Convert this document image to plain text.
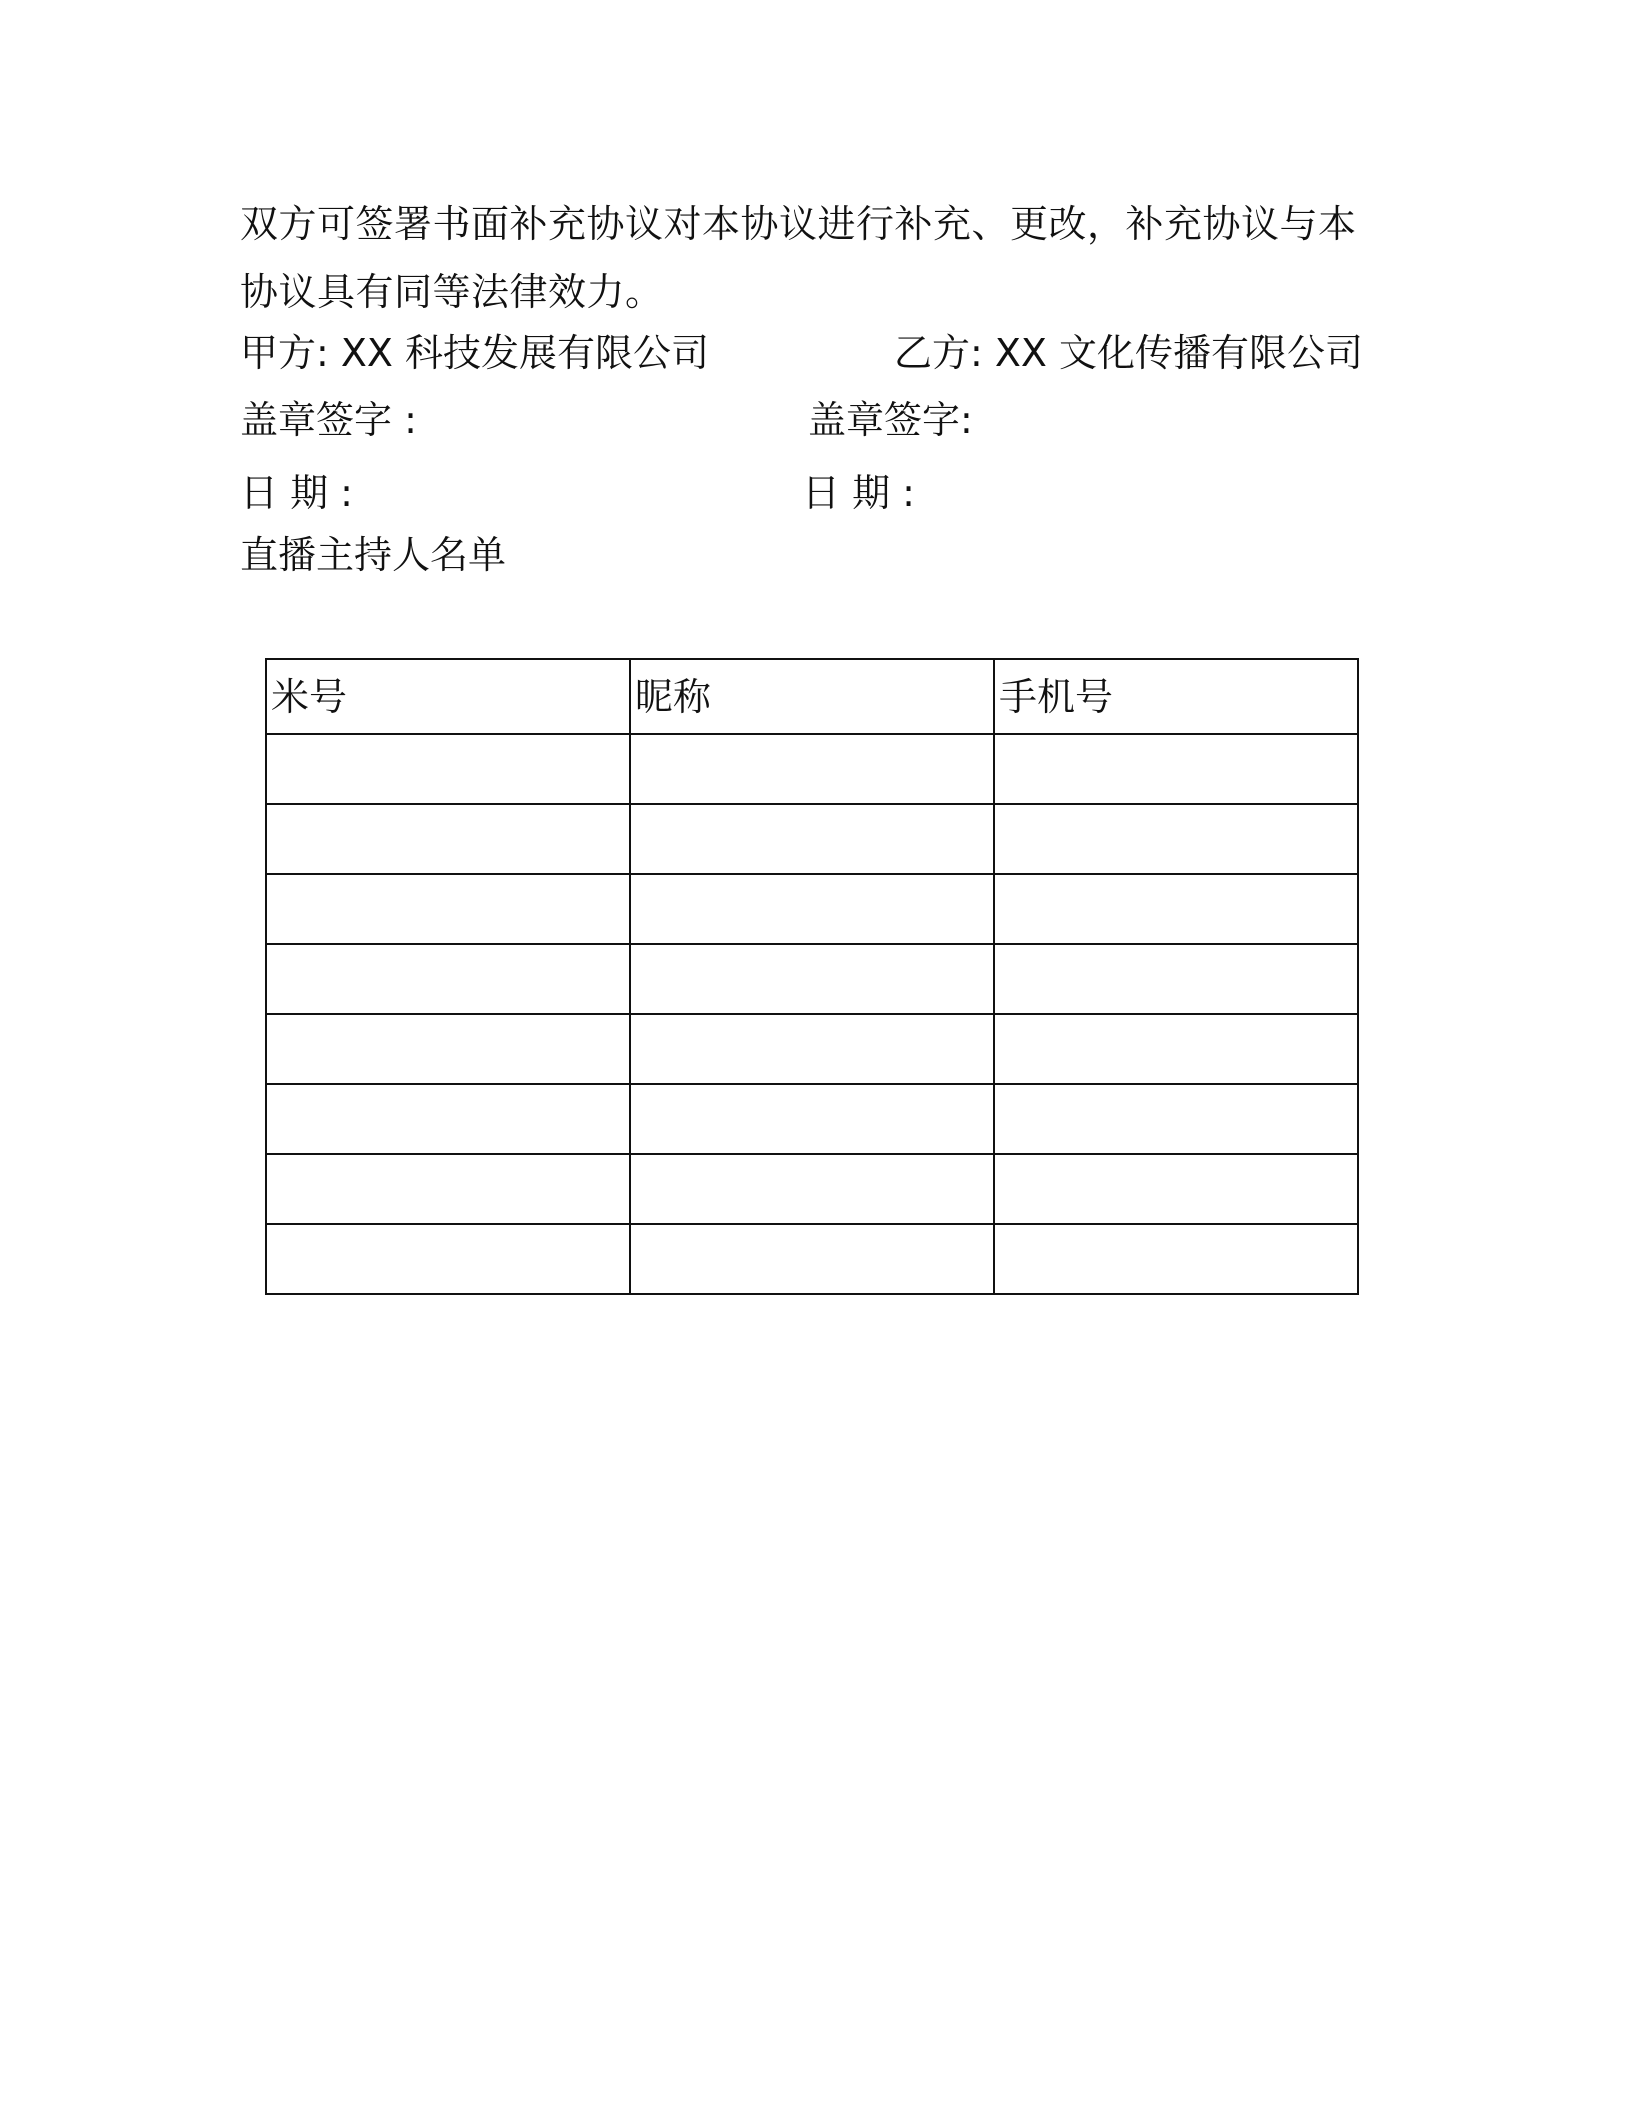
双方可签署书面补充协议对本协议进行补充、更改，补充协议与本协议具有同等法律效力。

甲方: XX 科技发展有限公司	乙方: XX 文化传播有限公司

盖章签字 :	盖章签字:

日 期 :	日 期 :

直播主持人名单

米号	昵称	手机号
